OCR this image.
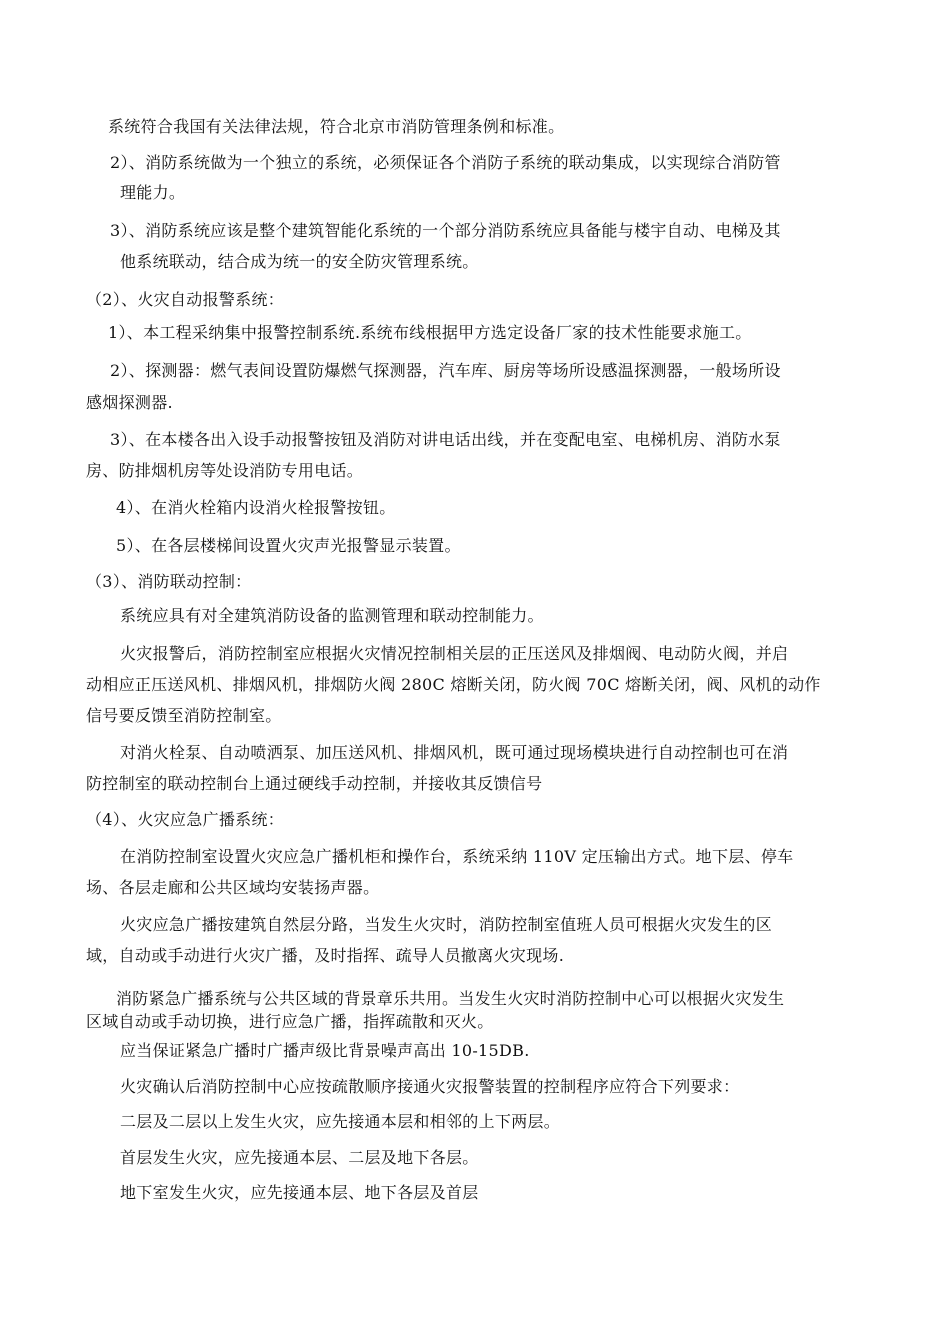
系统符合我国有关法律法规，符合北京市消防管理条例和标准。
2）、消防系统做为一个独立的系统，必须保证各个消防子系统的联动集成，以实现综合消防管
理能力。
3）、消防系统应该是整个建筑智能化系统的一个部分消防系统应具备能与楼宇自动、电梯及其
他系统联动，结合成为统一的安全防灾管理系统。
（2）、火灾自动报警系统：
1）、本工程采纳集中报警控制系统.系统布线根据甲方选定设备厂家的技术性能要求施工。
2）、探测器：燃气表间设置防爆燃气探测器，汽车库、厨房等场所设感温探测器，一般场所设
感烟探测器.
3）、在本楼各出入设手动报警按钮及消防对讲电话出线，并在变配电室、电梯机房、消防水泵
房、防排烟机房等处设消防专用电话。
4）、在消火栓箱内设消火栓报警按钮。
5）、在各层楼梯间设置火灾声光报警显示装置。
（3）、消防联动控制：
系统应具有对全建筑消防设备的监测管理和联动控制能力。
火灾报警后，消防控制室应根据火灾情况控制相关层的正压送风及排烟阀、电动防火阀，并启
动相应正压送风机、排烟风机，排烟防火阀 280C 熔断关闭，防火阀 70C 熔断关闭，阀、风机的动作
信号要反馈至消防控制室。
对消火栓泵、自动喷洒泵、加压送风机、排烟风机，既可通过现场模块进行自动控制也可在消
防控制室的联动控制台上通过硬线手动控制，并接收其反馈信号
（4）、火灾应急广播系统：
在消防控制室设置火灾应急广播机柜和操作台，系统采纳 110V 定压输出方式。地下层、停车
场、各层走廊和公共区域均安装扬声器。
火灾应急广播按建筑自然层分路，当发生火灾时，消防控制室值班人员可根据火灾发生的区
域，自动或手动进行火灾广播，及时指挥、疏导人员撤离火灾现场.
消防紧急广播系统与公共区域的背景章乐共用。当发生火灾时消防控制中心可以根据火灾发生
区域自动或手动切换，进行应急广播，指挥疏散和灭火。
应当保证紧急广播时广播声级比背景噪声高出 10-15DB.
火灾确认后消防控制中心应按疏散顺序接通火灾报警装置的控制程序应符合下列要求：
二层及二层以上发生火灾，应先接通本层和相邻的上下两层。
首层发生火灾，应先接通本层、二层及地下各层。
地下室发生火灾，应先接通本层、地下各层及首层
